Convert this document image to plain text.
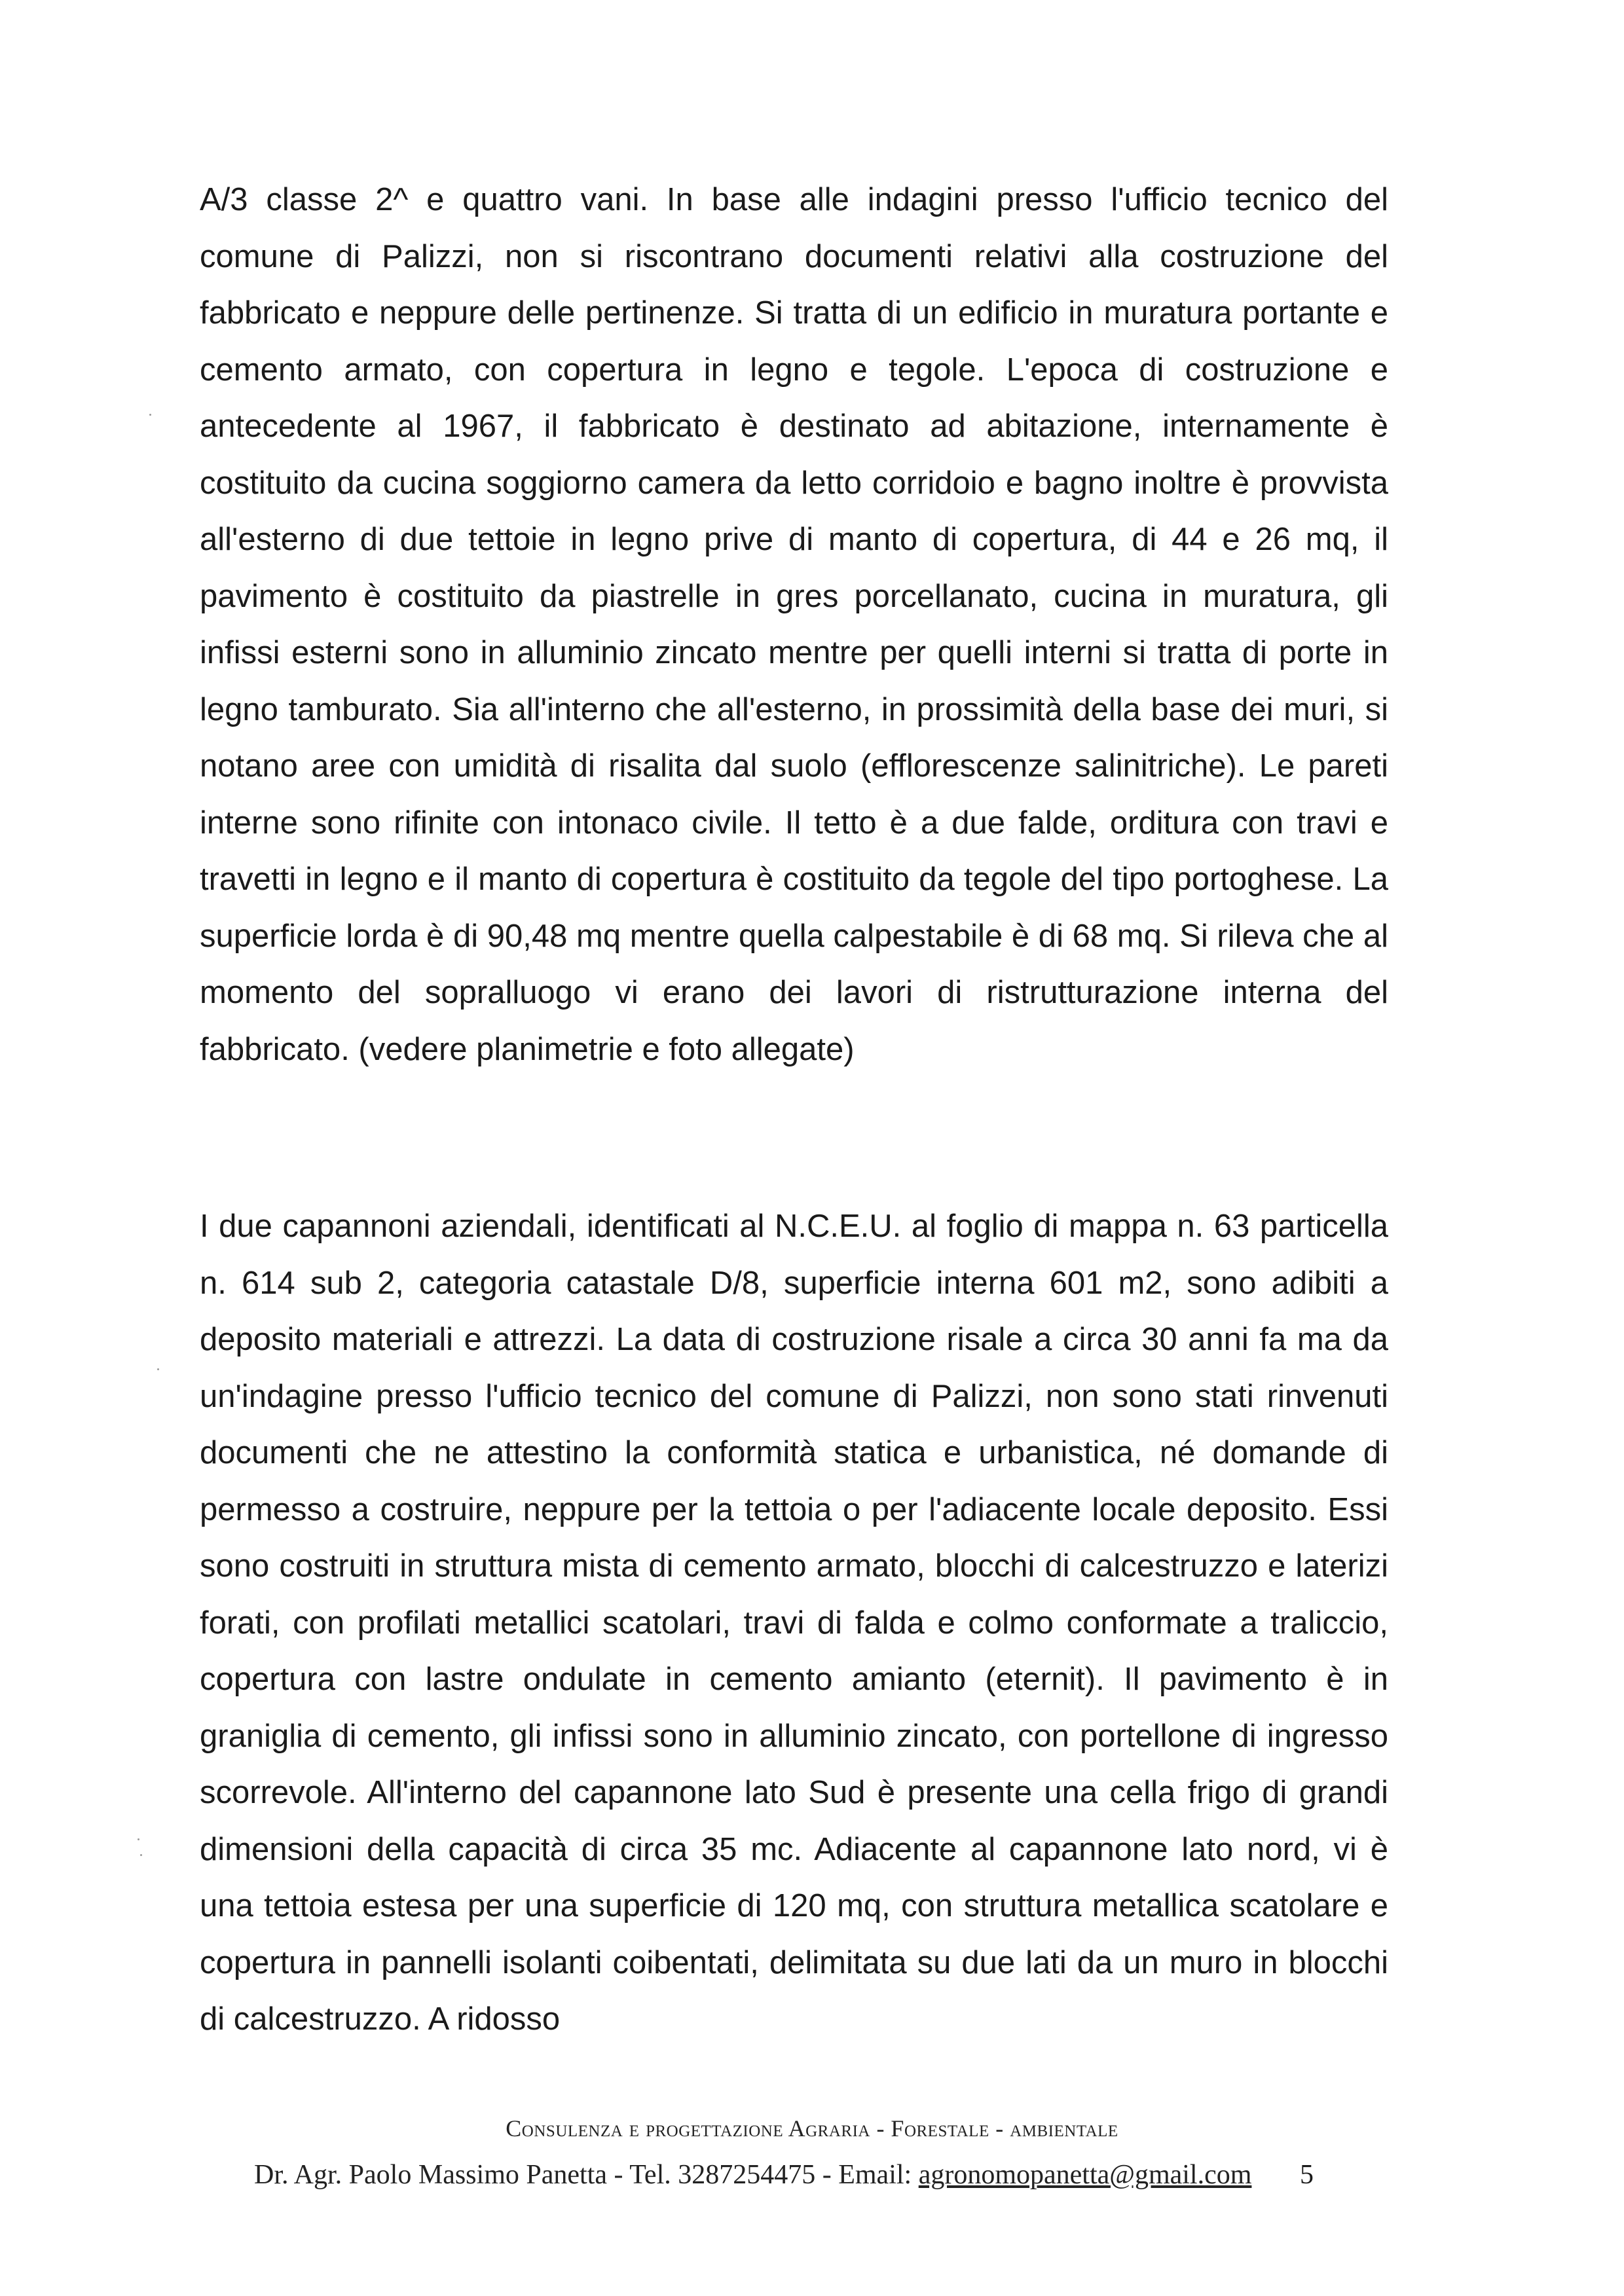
A/3 classe 2^ e quattro vani. In base alle indagini presso l'ufficio tecnico del comune di Palizzi, non si riscontrano documenti relativi alla costruzione del fabbricato e neppure delle pertinenze. Si tratta di un edificio in muratura portante e cemento armato, con copertura in legno e tegole. L'epoca di costruzione e antecedente al 1967, il fabbricato è destinato ad abitazione, internamente è costituito da cucina soggiorno camera da letto corridoio e bagno inoltre è provvista all'esterno di due tettoie in legno prive di manto di copertura, di 44 e 26 mq, il pavimento è costituito da piastrelle in gres porcellanato, cucina in muratura, gli infissi esterni sono in alluminio zincato mentre per quelli interni si tratta di porte in legno tamburato. Sia all'interno che all'esterno, in prossimità della base dei muri, si notano aree con umidità di risalita dal suolo (efflorescenze salinitriche). Le pareti interne sono rifinite con intonaco civile. Il tetto è a due falde, orditura con travi e travetti in legno e il manto di copertura è costituito da tegole del tipo portoghese. La superficie lorda è di 90,48 mq mentre quella calpestabile è di 68 mq. Si rileva che al momento del sopralluogo vi erano dei lavori di ristrutturazione interna del fabbricato. (vedere planimetrie e foto allegate)

I due capannoni aziendali, identificati al N.C.E.U. al foglio di mappa n. 63 particella n. 614 sub 2, categoria catastale D/8, superficie interna 601 m2, sono adibiti a deposito materiali e attrezzi. La data di costruzione risale a circa 30 anni fa ma da un'indagine presso l'ufficio tecnico del comune di Palizzi, non sono stati rinvenuti documenti che ne attestino la conformità statica e urbanistica, né domande di permesso a costruire, neppure per la tettoia o per l'adiacente locale deposito. Essi sono costruiti in struttura mista di cemento armato, blocchi di calcestruzzo e laterizi forati, con profilati metallici scatolari, travi di falda e colmo conformate a traliccio, copertura con lastre ondulate in cemento amianto (eternit). Il pavimento è in graniglia di cemento, gli infissi sono in alluminio zincato, con portellone di ingresso scorrevole. All'interno del capannone lato Sud è presente una cella frigo di grandi dimensioni della capacità di circa 35 mc. Adiacente al capannone lato nord, vi è una tettoia estesa per una superficie di 120 mq, con struttura metallica scatolare e copertura in pannelli isolanti coibentati, delimitata su due lati da un muro in blocchi di calcestruzzo. A ridosso

Consulenza e progettazione Agraria - Forestale - ambientale
Dr. Agr. Paolo Massimo Panetta - Tel. 3287254475 - Email: agronomopanetta@gmail.com	5
